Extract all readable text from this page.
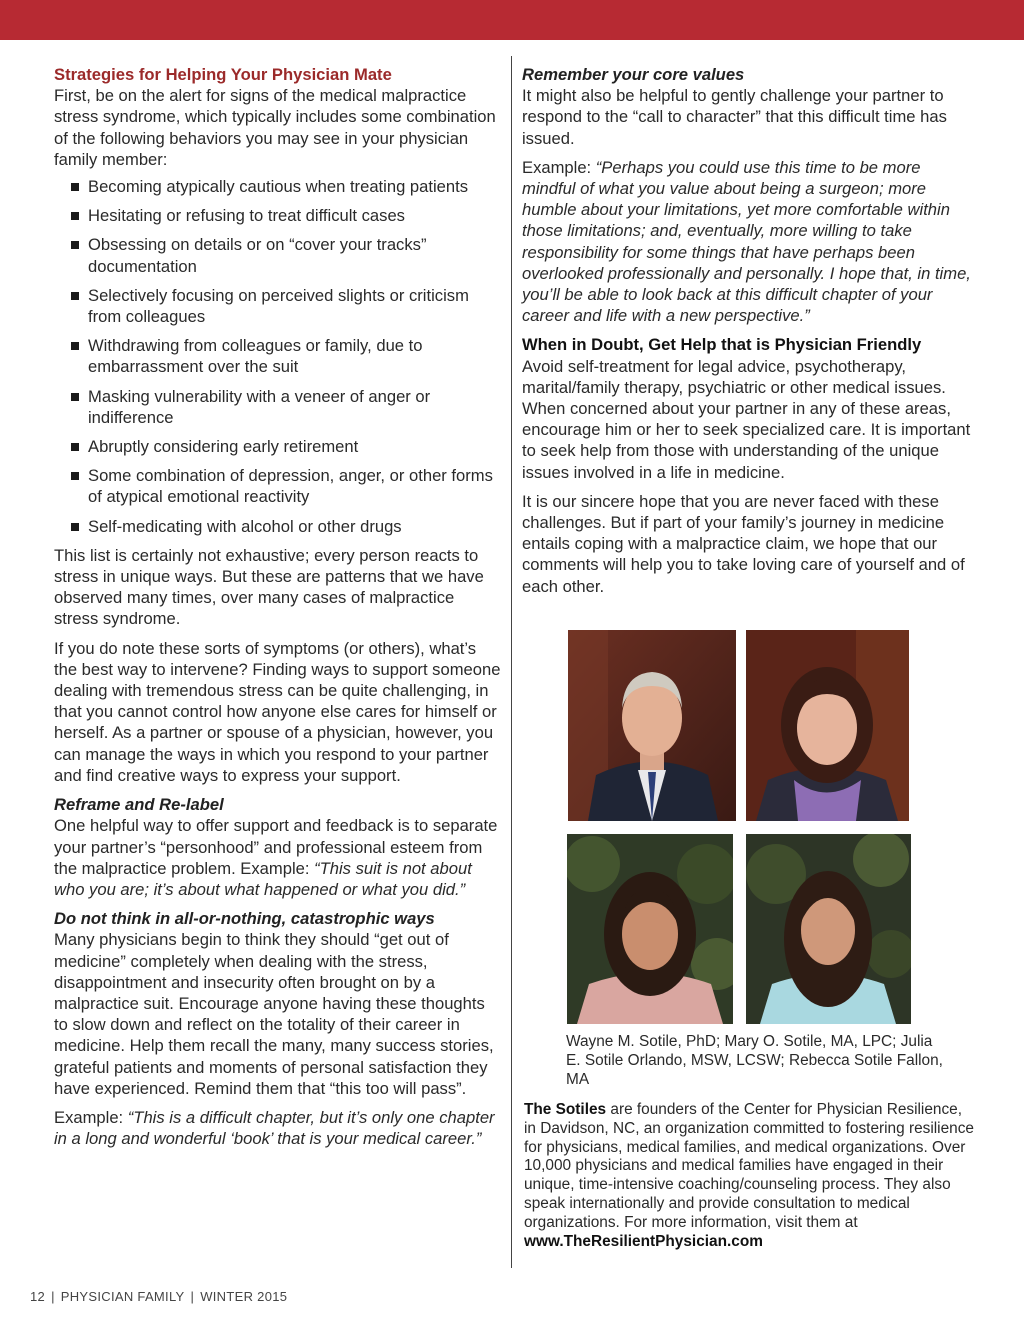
Strategies for Helping Your Physician Mate

First, be on the alert for signs of the medical malpractice stress syndrome, which typically includes some combination of the following behaviors you may see in your physician family member:

Becoming atypically cautious when treating patients
Hesitating or refusing to treat difficult cases
Obsessing on details or on “cover your tracks” documentation
Selectively focusing on perceived slights or criticism from colleagues
Withdrawing from colleagues or family, due to embarrassment over the suit
Masking vulnerability with a veneer of anger or indifference
Abruptly considering early retirement
Some combination of depression, anger, or other forms of atypical emotional reactivity
Self-medicating with alcohol or other drugs

This list is certainly not exhaustive; every person reacts to stress in unique ways. But these are patterns that we have observed many times, over many cases of malpractice stress syndrome.

If you do note these sorts of symptoms (or others), what’s the best way to intervene? Finding ways to support someone dealing with tremendous stress can be quite challenging, in that you cannot control how anyone else cares for himself or herself. As a partner or spouse of a physician, however, you can manage the ways in which you respond to your partner and find creative ways to express your support.

Reframe and Re-label

One helpful way to offer support and feedback is to separate your partner’s “personhood” and professional esteem from the malpractice problem. Example: “This suit is not about who you are; it’s about what happened or what you did.”

Do not think in all-or-nothing, catastrophic ways

Many physicians begin to think they should “get out of medicine” completely when dealing with the stress, disappointment and insecurity often brought on by a malpractice suit. Encourage anyone having these thoughts to slow down and reflect on the totality of their career in medicine. Help them recall the many, many success stories, grateful patients and moments of personal satisfaction they have experienced. Remind them that “this too will pass”.

Example: “This is a difficult chapter, but it’s only one chapter in a long and wonderful ‘book’ that is your medical career.”

Remember your core values

It might also be helpful to gently challenge your partner to respond to the “call to character” that this difficult time has issued.

Example: “Perhaps you could use this time to be more mindful of what you value about being a surgeon; more humble about your limitations, yet more comfortable within those limitations; and, eventually, more willing to take responsibility for some things that have perhaps been overlooked professionally and personally. I hope that, in time, you’ll be able to look back at this difficult chapter of your career and life with a new perspective.”

When in Doubt, Get Help that is Physician Friendly

Avoid self-treatment for legal advice, psychotherapy, marital/family therapy, psychiatric or other medical issues. When concerned about your partner in any of these areas, encourage him or her to seek specialized care. It is important to seek help from those with understanding of the unique issues involved in a life in medicine.

It is our sincere hope that you are never faced with these challenges. But if part of your family’s journey in medicine entails coping with a malpractice claim, we hope that our comments will help you to take loving care of yourself and of each other.

Wayne M. Sotile, PhD; Mary O. Sotile, MA, LPC; Julia E. Sotile Orlando, MSW, LCSW; Rebecca Sotile Fallon, MA
The Sotiles are founders of the Center for Physician Resilience, in Davidson, NC, an organization committed to fostering resilience for physicians, medical families, and medical organizations. Over 10,000 physicians and medical families have engaged in their unique, time-intensive coaching/counseling process. They also speak internationally and provide consultation to medical organizations. For more information, visit them at www.TheResilientPhysician.com
12 | PHYSICIAN FAMILY | WINTER 2015
